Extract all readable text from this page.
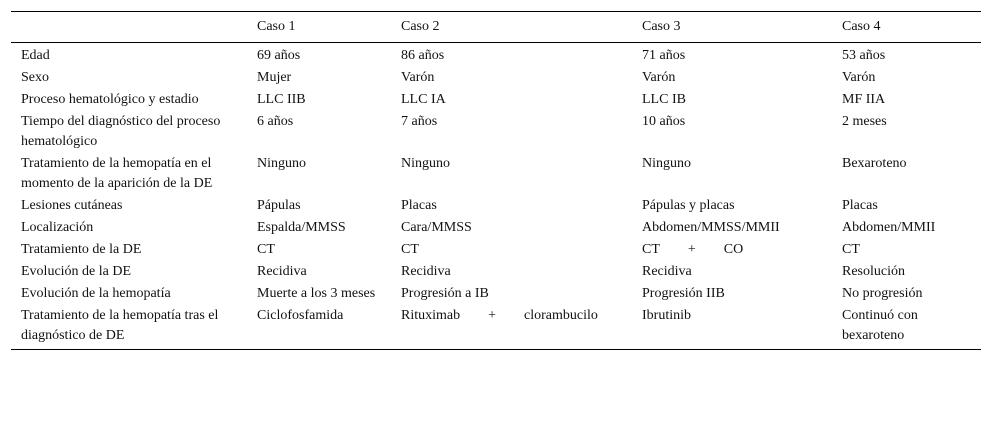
	Caso 1	Caso 2	Caso 3	Caso 4
Edad	69 años	86 años	71 años	53 años
Sexo	Mujer	Varón	Varón	Varón
Proceso hematológico y estadio	LLC IIB	LLC IA	LLC IB	MF IIA
Tiempo del diagnóstico del proceso hematológico	6 años	7 años	10 años	2 meses
Tratamiento de la hemopatía en el momento de la aparición de la DE	Ninguno	Ninguno	Ninguno	Bexaroteno
Lesiones cutáneas	Pápulas	Placas	Pápulas y placas	Placas
Localización	Espalda/MMSS	Cara/MMSS	Abdomen/MMSS/MMII	Abdomen/MMII
Tratamiento de la DE	CT	CT	CT  +  CO	CT
Evolución de la DE	Recidiva	Recidiva	Recidiva	Resolución
Evolución de la hemopatía	Muerte a los 3 meses	Progresión a IB	Progresión IIB	No progresión
Tratamiento de la hemopatía tras el diagnóstico de DE	Ciclofosfamida	Rituximab  +  clorambucilo	Ibrutinib	Continuó con bexaroteno
